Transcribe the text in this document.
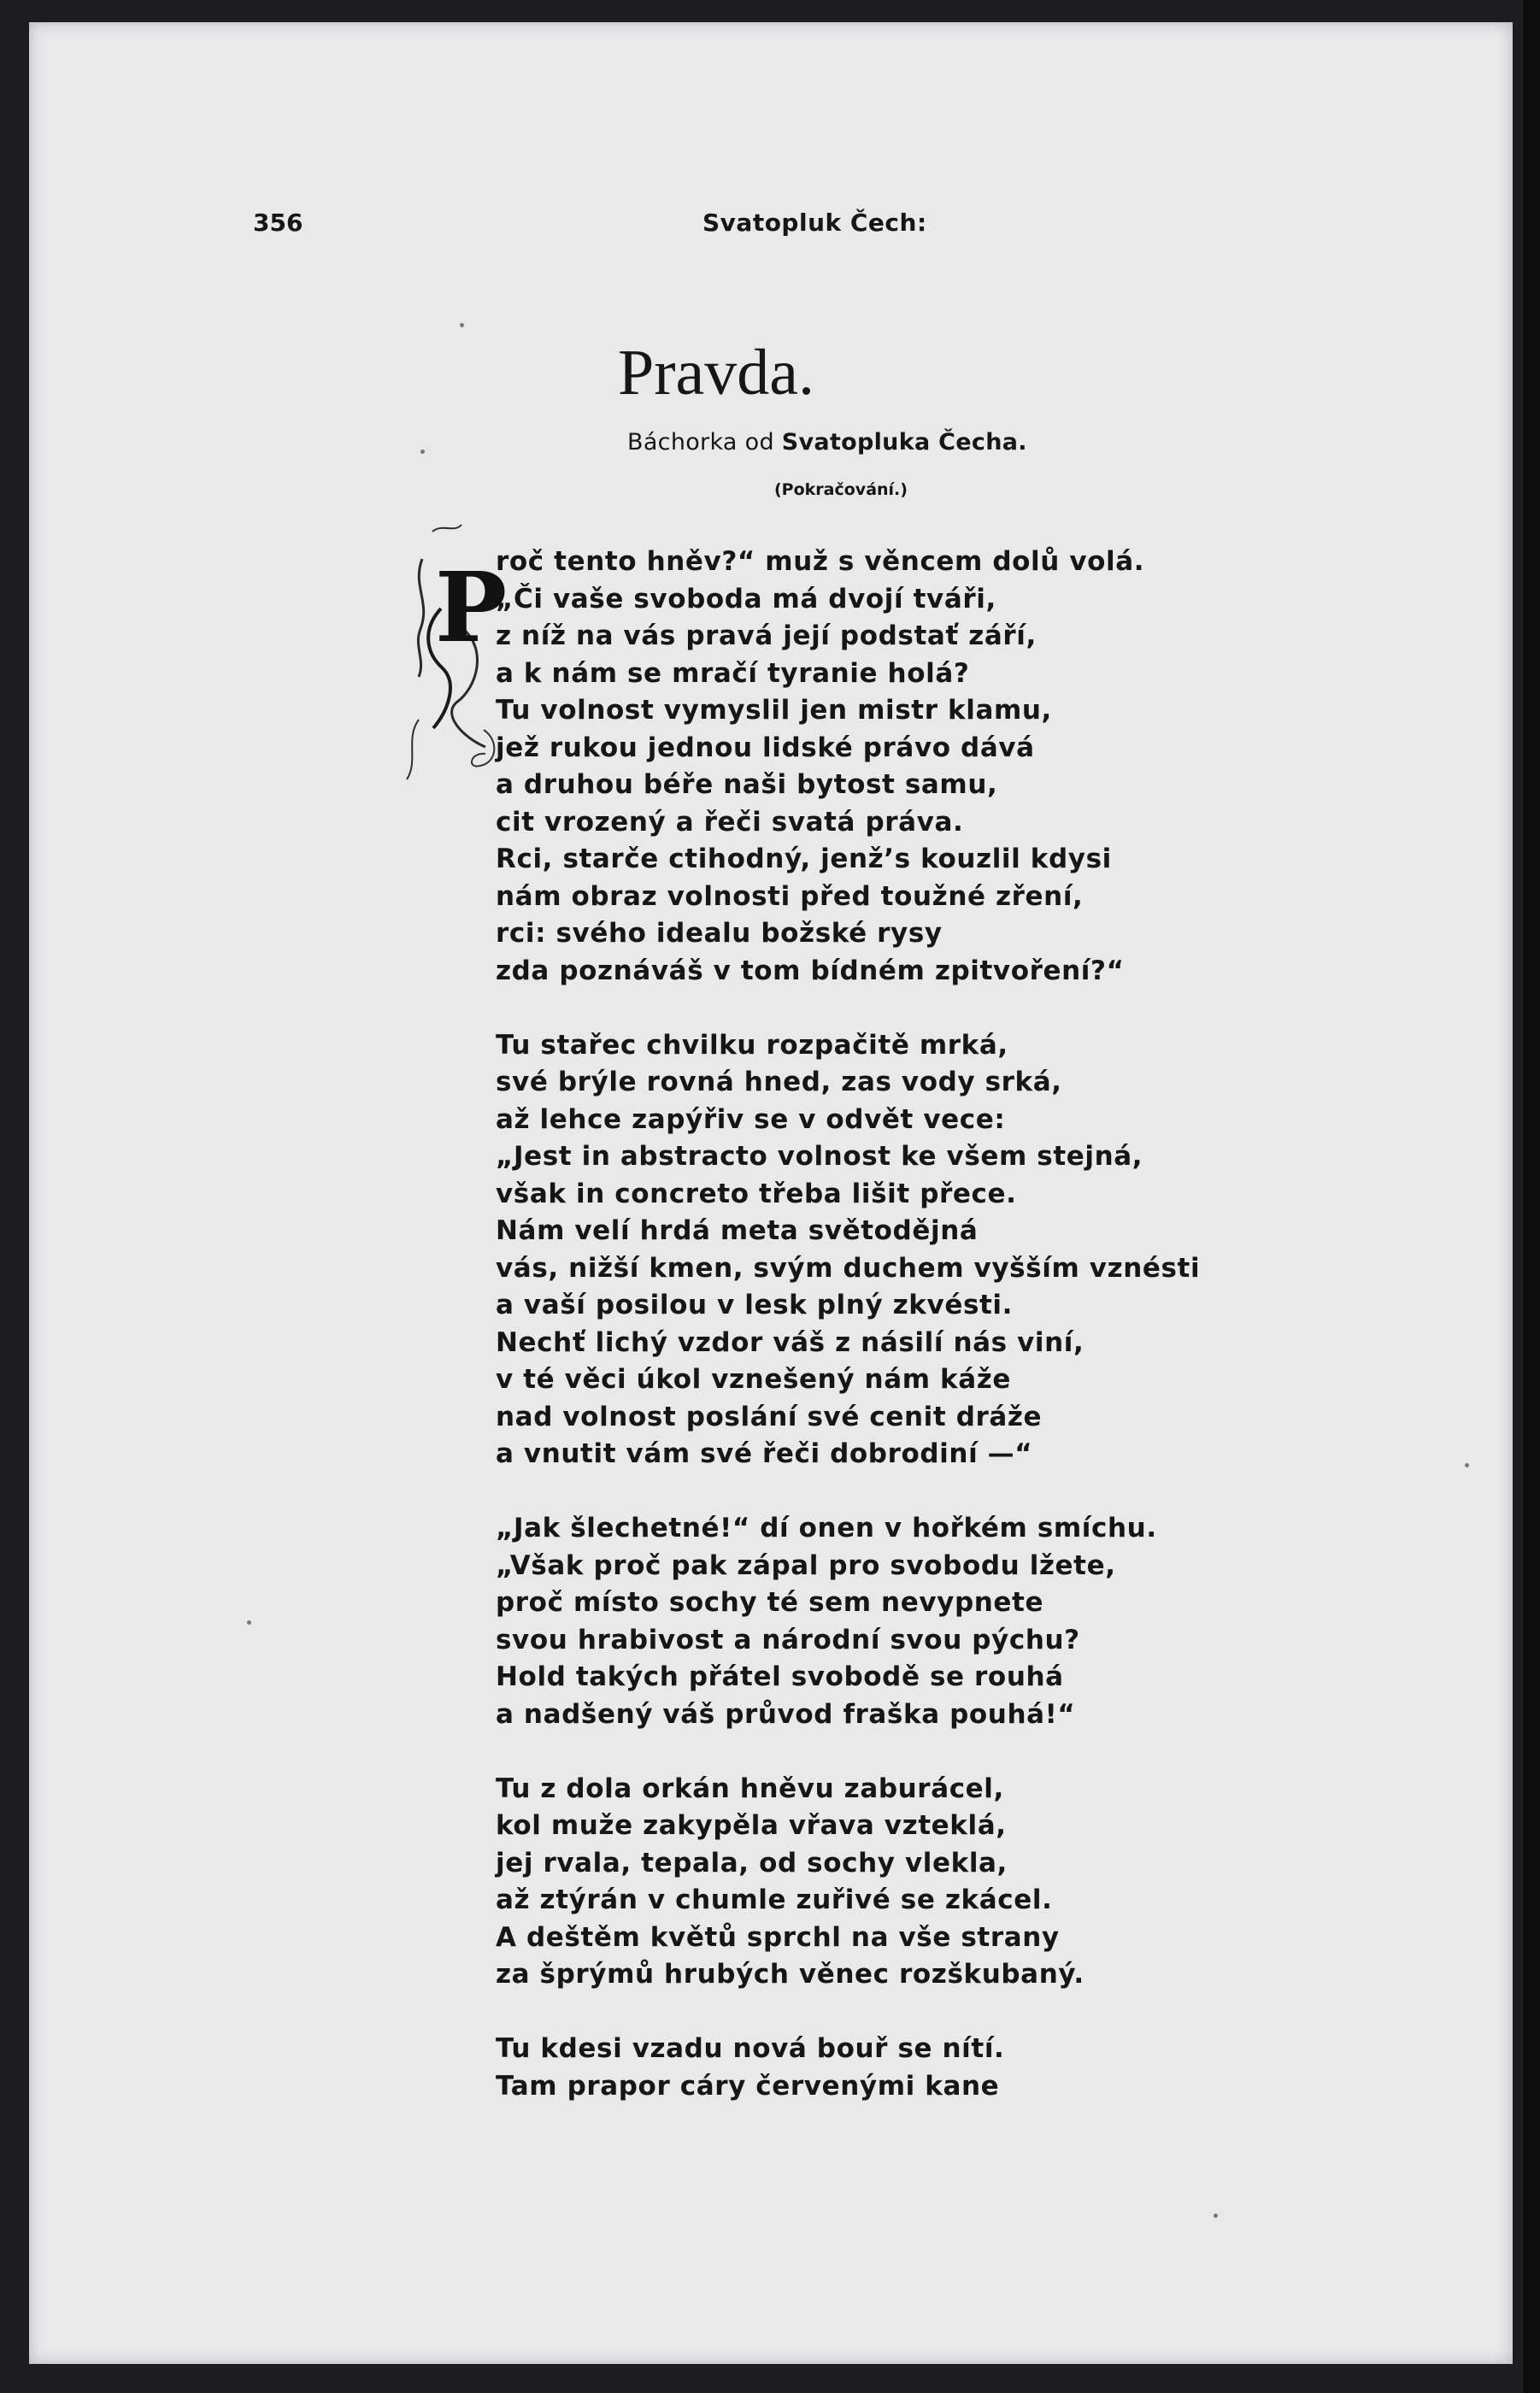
356	Svatopluk Čech:
Pravda.
Báchorka od Svatopluka Čecha.
(Pokračování.)
P
roč tento hněv?“ muž s věncem dolů volá.
„Či vaše svoboda má dvojí tváři,
z níž na vás pravá její podstať září,
a k nám se mračí tyranie holá?
Tu volnost vymyslil jen mistr klamu,
jež rukou jednou lidské právo dává
a druhou béře naši bytost samu,
cit vrozený a řeči svatá práva.
Rci, starče ctihodný, jenž’s kouzlil kdysi
nám obraz volnosti před toužné zření,
rci: svého idealu božské rysy
zda poznáváš v tom bídném zpitvoření?“
Tu stařec chvilku rozpačitě mrká,
své brýle rovná hned, zas vody srká,
až lehce zapýřiv se v odvět vece:
„Jest in abstracto volnost ke všem stejná,
však in concreto třeba lišit přece.
Nám velí hrdá meta světodějná
vás, nižší kmen, svým duchem vyšším vznésti
a vaší posilou v lesk plný zkvésti.
Nechť lichý vzdor váš z násilí nás viní,
v té věci úkol vznešený nám káže
nad volnost poslání své cenit dráže
a vnutit vám své řeči dobrodiní —“
„Jak šlechetné!“ dí onen v hořkém smíchu.
„Však proč pak zápal pro svobodu lžete,
proč místo sochy té sem nevypnete
svou hrabivost a národní svou pýchu?
Hold takých přátel svobodě se rouhá
a nadšený váš průvod fraška pouhá!“
Tu z dola orkán hněvu zaburácel,
kol muže zakypěla vřava vzteklá,
jej rvala, tepala, od sochy vlekla,
až ztýrán v chumle zuřivé se zkácel.
A deštěm květů sprchl na vše strany
za šprýmů hrubých věnec rozškubaný.
Tu kdesi vzadu nová bouř se nítí.
Tam prapor cáry červenými kane
